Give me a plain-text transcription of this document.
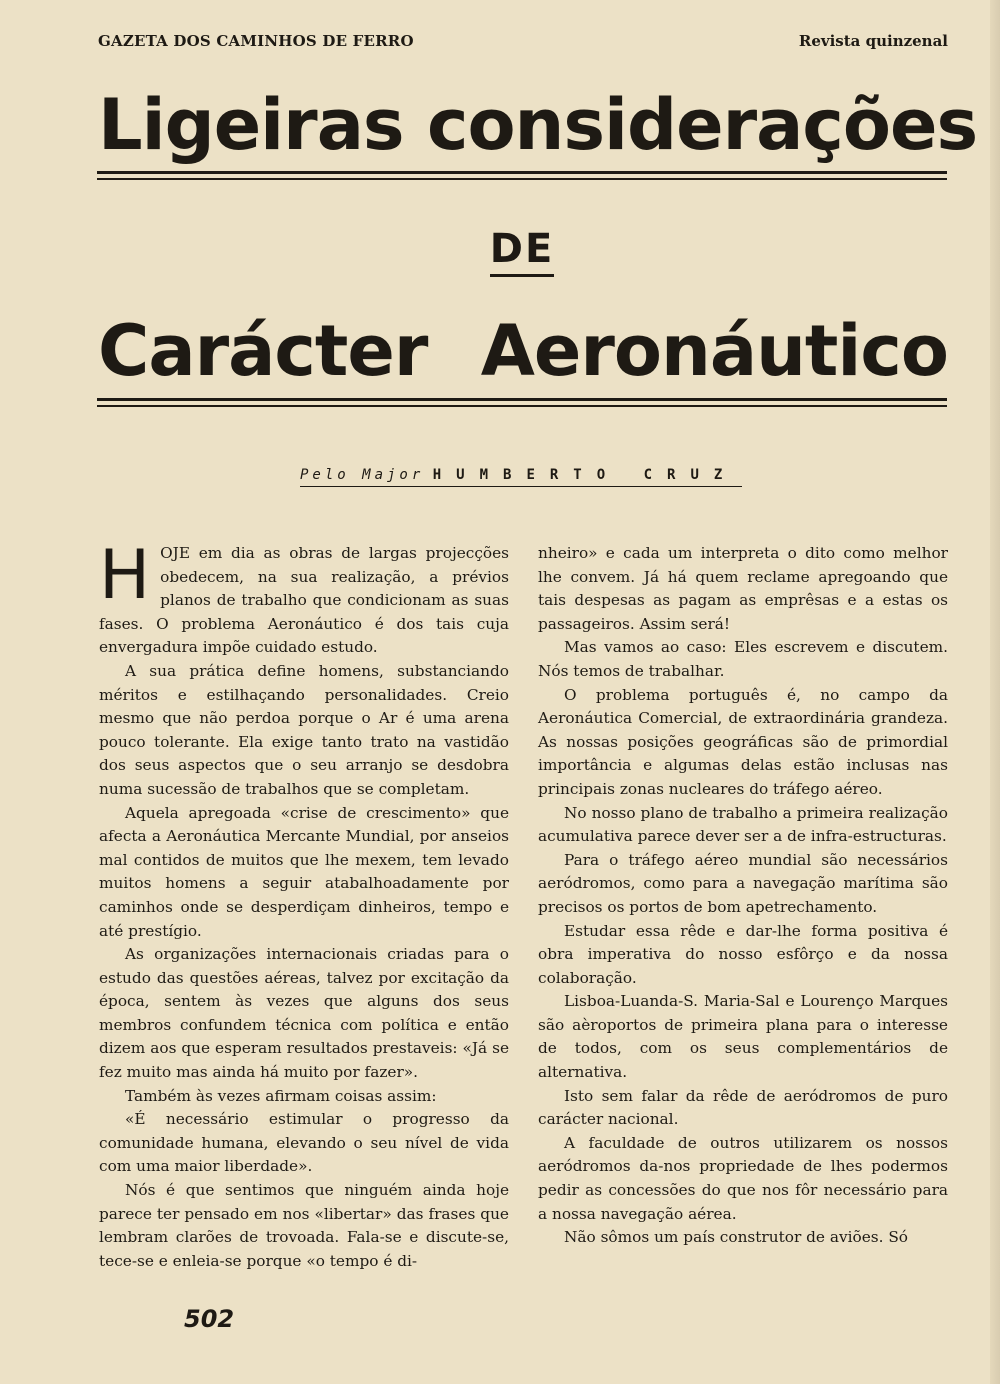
GAZETA DOS CAMINHOS DE FERRO	Revista quinzenal
Ligeiras considerações
DE
Carácter Aeronáutico
Pelo Major HUMBERTO CRUZ

HOJE em dia as obras de largas projecções obedecem, na sua realização, a prévios planos de trabalho que condicionam as suas fases. O problema Aeronáutico é dos tais cuja envergadura impõe cuidado estudo.

A sua prática define homens, substanciando méritos e estilhaçando personalidades. Creio mesmo que não perdoa porque o Ar é uma arena pouco tolerante. Ela exige tanto trato na vastidão dos seus aspectos que o seu arranjo se desdobra numa sucessão de trabalhos que se completam.

Aquela apregoada «crise de crescimento» que afecta a Aeronáutica Mercante Mundial, por anseios mal contidos de muitos que lhe mexem, tem levado muitos homens a seguir atabalhoadamente por caminhos onde se desperdiçam dinheiros, tempo e até prestígio.

As organizações internacionais criadas para o estudo das questões aéreas, talvez por excitação da época, sentem às vezes que alguns dos seus membros confundem técnica com política e então dizem aos que esperam resultados prestaveis: «Já se fez muito mas ainda há muito por fazer».

Também às vezes afirmam coisas assim:

«É necessário estimular o progresso da comunidade humana, elevando o seu nível de vida com uma maior liberdade».

Nós é que sentimos que ninguém ainda hoje parece ter pensado em nos «libertar» das frases que lembram clarões de trovoada. Fala-se e discute-se, tece-se e enleia-se porque «o tempo é di-

nheiro» e cada um interpreta o dito como melhor lhe convem. Já há quem reclame apregoando que tais despesas as pagam as emprêsas e a estas os passageiros. Assim será!

Mas vamos ao caso: Eles escrevem e discutem. Nós temos de trabalhar.

O problema português é, no campo da Aeronáutica Comercial, de extraordinária grandeza. As nossas posições geográficas são de primordial importância e algumas delas estão inclusas nas principais zonas nucleares do tráfego aéreo.

No nosso plano de trabalho a primeira realização acumulativa parece dever ser a de infra-estructuras.

Para o tráfego aéreo mundial são necessários aeródromos, como para a navegação marítima são precisos os portos de bom apetrechamento.

Estudar essa rêde e dar-lhe forma positiva é obra imperativa do nosso esfôrço e da nossa colaboração.

Lisboa-Luanda-S. Maria-Sal e Lourenço Marques são aèroportos de primeira plana para o interesse de todos, com os seus complementários de alternativa.

Isto sem falar da rêde de aeródromos de puro carácter nacional.

A faculdade de outros utilizarem os nossos aeródromos da-nos propriedade de lhes podermos pedir as concessões do que nos fôr necessário para a nossa navegação aérea.

Não sômos um país construtor de aviões. Só

502
